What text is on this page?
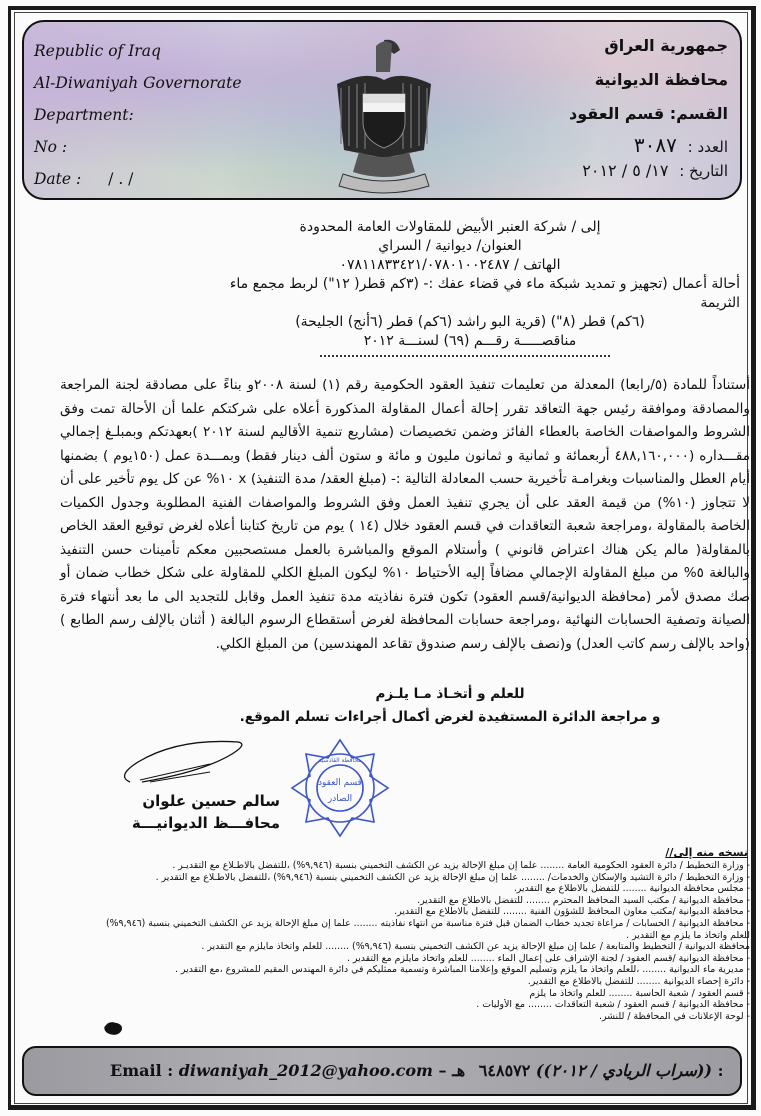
Republic of Iraq
Al-Diwaniyah Governorate
Department:
No :
Date : / . /
جمهورية العراق
محافظة الديوانية
القسم: قسم العقود
العدد : ٣٠٨٧
التاريخ : ١٧/ ٥ / ٢٠١٢
إلى / شركة العنبر الأبيض للمقاولات العامة المحدودة
العنوان/ ديوانية / السراي
الهاتف / ٠٧٨١١٨٣٣٤٢١/٠٧٨٠١٠٠٢٤٨٧
أحالة أعمال (تجهيز و تمديد شبكة ماء في قضاء عفك :- (٣كم قطر( ١٢") لربط مجمع ماء الثريمة
(٦كم) قطر (٨") (قرية البو راشد (٦كم) قطر (٦أنج) الجليحة)
مناقصـــــة رقـــم (٦٩) لسنـــة ٢٠١٢

أستناداً للمادة (٥/رابعا) المعدلة من تعليمات تنفيذ العقود الحكومية رقم (١) لسنة ٢٠٠٨و بناءً على مصادقة لجنة المراجعة والمصادقة وموافقة رئيس جهة التعاقد تقرر إحالة أعمال المقاولة المذكورة أعلاه على شركتكم علما أن الأحالة تمت وفق الشروط والمواصفات الخاصة بالعطاء الفائز وضمن تخصيصات (مشاريع تنمية الأقاليم لسنة ٢٠١٢ )بعهدتكم وبمبلـغ إجمالي مقـــداره (٤٨٨,١٦٠,٠٠٠ أربعمائة و ثمانية و ثمانون مليون و مائة و ستون ألف دينار فقط) وبمـــدة عمل (١٥٠يوم ) بضمنها أيام العطل والمناسبات وبغرامـة تأخيرية حسب المعادلة التالية :- (مبلغ العقد/ مدة التنفيذ) x ١٠% عن كل يوم تأخير على أن لا تتجاوز (١٠%) من قيمة العقد على أن يجري تنفيذ العمل وفق الشروط والمواصفات الفنية المطلوبة وجدول الكميات الخاصة بالمقاولة ،ومراجعة شعبة التعاقدات في قسم العقود خلال (١٤ ) يوم من تاريخ كتابنا أعلاه لغرض توقيع العقد الخاص بالمقاولة( مالم يكن هناك اعتراض قانوني ) وأستلام الموقع والمباشرة بالعمل مستصحبين معكم تأمينات حسن التنفيذ والبالغة ٥% من مبلغ المقاولة الإجمالي مضافاً إليه الأحتياط ١٠% ليكون المبلغ الكلي للمقاولة على شكل خطاب ضمان أو صك مصدق لأمر (محافظة الديوانية/قسم العقود) تكون فترة نفاذيته مدة تنفيذ العمل وقابل للتجديد الى ما بعد أنتهاء فترة الصيانة وتصفية الحسابات النهائية ،ومراجعة حسابات المحافظة لغرض أستقطاع الرسوم البالغة ( أثنان بالإلف رسم الطابع ) (واحد بالإلف رسم كاتب العدل) و(نصف بالإلف رسم صندوق تقاعد المهندسين) من المبلغ الكلي.

للعلم و أتخـاذ مـا يلـزم
و مراجعة الدائرة المستفيدة لغرض أكمال أجراءات تسلم الموقع.
محافظة القادسية
قسم العقود
الصادر
سالم حسين علوان
محافـــظ الديوانيـــة
نسخه منه إلى//
- وزارة التخطيط / دائرة العقود الحكومية العامة ........ علما إن مبلغ الإحالة يزيد عن الكشف التخميني بنسبة (٩,٩٤٦%) ،للتفضل بالاطـلاع مع التقديـر .
- وزارة التخطيط / دائرة التشيد والإسكان والخدمات/ ........ علما إن مبلغ الإحالة يزيد عن الكشف التخميني بنسبة (٩,٩٤٦%) ،للتفضل بالاطـلاع مع التقدير .
- مجلس محافظة الديوانية ........ للتفضل بالاطلاع مع التقدير.
- محافظة الديوانية / مكتب السيد المحافظ المحترم ........ للتفضل بالاطلاع مع التقدير.
- محافظة الديوانية /مكتب معاون المحافظ للشؤون الفنية ........ للتفضل بالاطلاع مع التقدير.
- محافظة الديوانية / الحسابات / مراعاة تجديد خطاب الضمان قبل فترة مناسبة من انتهاء نفاذيته ........ علما إن مبلغ الإحالة يزيد عن الكشف التخميني بنسبة (٩,٩٤٦%)
للعلم واتخاذ ما يلزم مع التقدير .
محافظة الديوانية / التخطيط والمتابعة / علما إن مبلغ الإحالة يزيد عن الكشف التخميني بنسبة (٩,٩٤٦%) ........ للعلم واتخاذ مايلزم مع التقدير .
- محافظة الديوانية /قسم العقود / لجنة الإشراف على إعمال الماء ........ للعلم واتخاذ مايلزم مع التقدير .
- مديرية ماء الديوانية ........ ،للعلم واتخاذ ما يلزم وتسليم الموقع وإعلامنا المباشرة وتسمية ممثليكم في دائرة المهندس المقيم للمشروع ،مع التقدير .
- دائرة إحصاء الديوانية ........ للتفضل بالاطلاع مع التقدير.
- قسم العقود / شعبة الحاسبة ........ للعلم واتخاذ ما يلزم
- محافظة الديوانية / قسم العقود / شعبة التعاقدات ........ مع الأوليات .
- لوحة الإعلانات في المحافظة / للنشر.
Email : diwaniyah_2012@yahoo.com –	((سراب الريادي / ٢٠١٢)) ٦٤٨٥٧٢ هـ :
